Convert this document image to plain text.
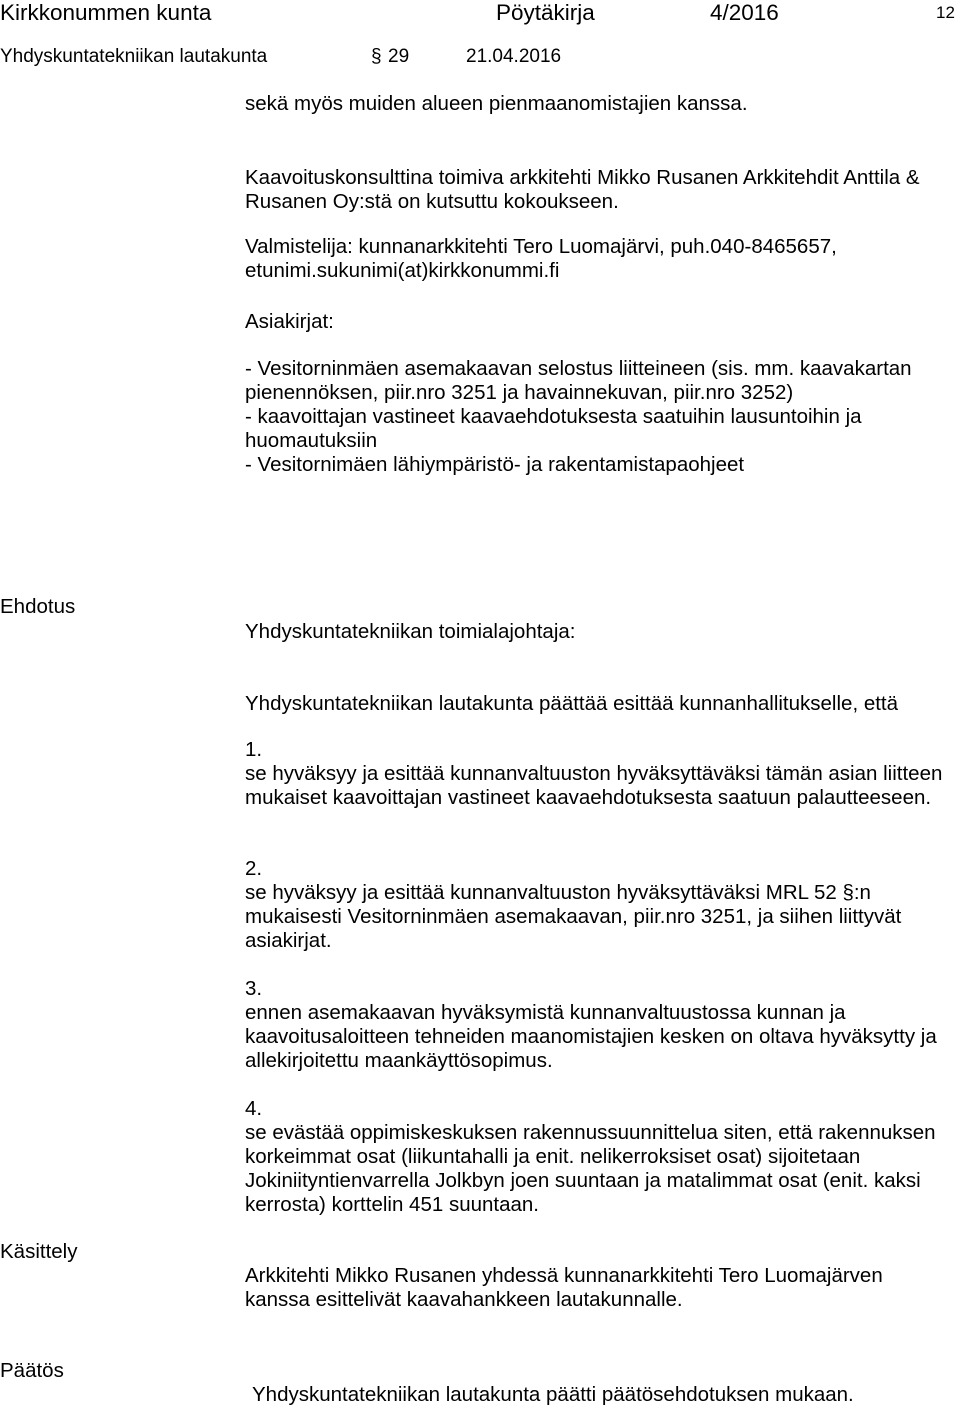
Kirkkonummen kunta	Pöytäkirja	4/2016	12
Yhdyskuntatekniikan lautakunta	§ 29	21.04.2016
sekä myös muiden alueen pienmaanomistajien kanssa.
Kaavoituskonsulttina toimiva arkkitehti Mikko Rusanen Arkkitehdit Anttila &
Rusanen Oy:stä on kutsuttu kokoukseen.
Valmistelija: kunnanarkkitehti Tero Luomajärvi, puh.040-8465657,
etunimi.sukunimi(at)kirkkonummi.fi
Asiakirjat:
- Vesitorninmäen asemakaavan selostus liitteineen (sis. mm. kaavakartan
pienennöksen, piir.nro 3251 ja havainnekuvan, piir.nro 3252)
- kaavoittajan vastineet kaavaehdotuksesta saatuihin lausuntoihin ja
huomautuksiin
- Vesitornimäen lähiympäristö- ja rakentamistapaohjeet
Ehdotus
Yhdyskuntatekniikan toimialajohtaja:
Yhdyskuntatekniikan lautakunta päättää esittää kunnanhallitukselle, että
1.
se hyväksyy ja esittää kunnanvaltuuston hyväksyttäväksi tämän asian liitteen
mukaiset kaavoittajan vastineet kaavaehdotuksesta saatuun palautteeseen.
2.
se hyväksyy ja esittää kunnanvaltuuston hyväksyttäväksi MRL 52 §:n
mukaisesti Vesitorninmäen asemakaavan, piir.nro 3251, ja siihen liittyvät
asiakirjat.
3.
ennen asemakaavan hyväksymistä kunnanvaltuustossa kunnan ja
kaavoitusaloitteen tehneiden maanomistajien kesken on oltava hyväksytty ja
allekirjoitettu maankäyttösopimus.
4.
se evästää oppimiskeskuksen rakennussuunnittelua siten, että rakennuksen
korkeimmat osat (liikuntahalli ja enit. nelikerroksiset osat) sijoitetaan
Jokiniityntienvarrella Jolkbyn joen suuntaan ja matalimmat osat (enit. kaksi
kerrosta) korttelin 451 suuntaan.
Käsittely
Arkkitehti Mikko Rusanen yhdessä kunnanarkkitehti Tero Luomajärven
kanssa esittelivät kaavahankkeen lautakunnalle.
Päätös
Yhdyskuntatekniikan lautakunta päätti päätösehdotuksen mukaan.
